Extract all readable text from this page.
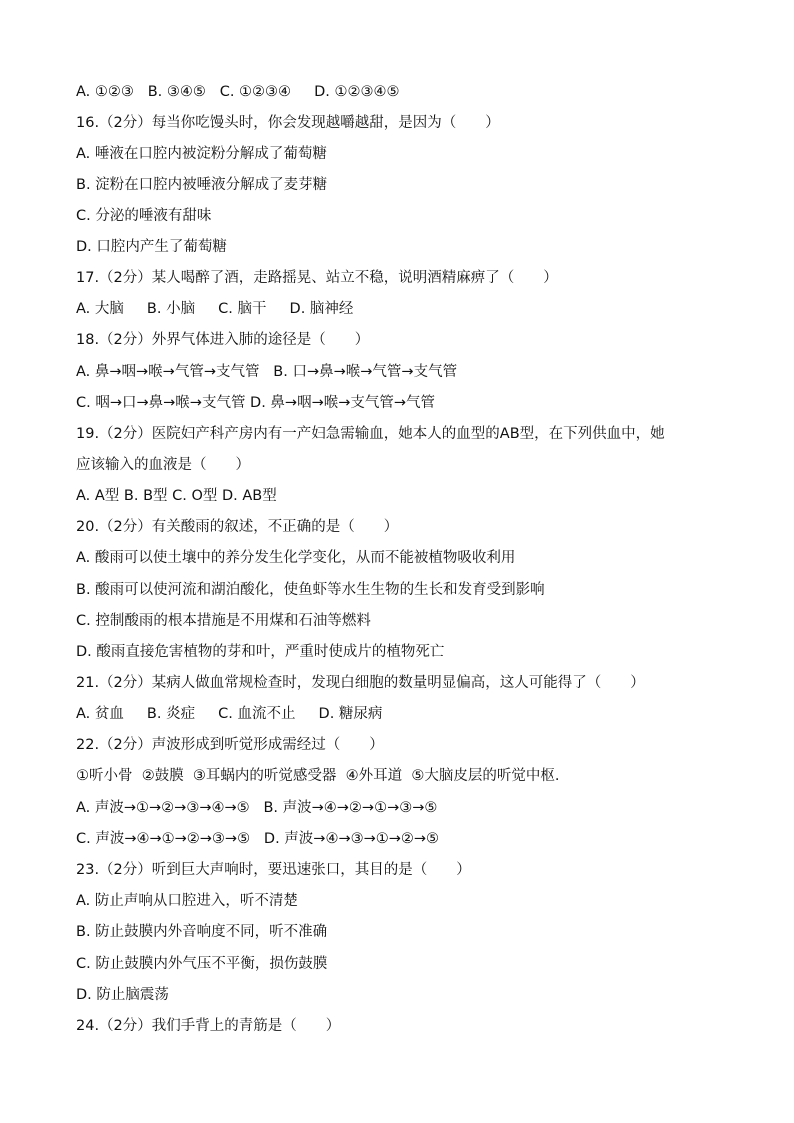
A. ①②③   B. ③④⑤   C. ①②③④     D. ①②③④⑤
16.（2分）每当你吃馒头时，你会发现越嚼越甜，是因为（　　）
A. 唾液在口腔内被淀粉分解成了葡萄糖
B. 淀粉在口腔内被唾液分解成了麦芽糖
C. 分泌的唾液有甜味
D. 口腔内产生了葡萄糖
17.（2分）某人喝醉了酒，走路摇晃、站立不稳，说明酒精麻痹了（　　）
A. 大脑     B. 小脑     C. 脑干     D. 脑神经
18.（2分）外界气体进入肺的途径是（　　）
A. 鼻→咽→喉→气管→支气管   B. 口→鼻→喉→气管→支气管
C. 咽→口→鼻→喉→支气管 D. 鼻→咽→喉→支气管→气管
19.（2分）医院妇产科产房内有一产妇急需输血，她本人的血型的AB型，在下列供血中，她
应该输入的血液是（　　）
A. A型 B. B型 C. O型 D. AB型
20.（2分）有关酸雨的叙述，不正确的是（　　）
A. 酸雨可以使土壤中的养分发生化学变化，从而不能被植物吸收利用
B. 酸雨可以使河流和湖泊酸化，使鱼虾等水生生物的生长和发育受到影响
C. 控制酸雨的根本措施是不用煤和石油等燃料
D. 酸雨直接危害植物的芽和叶，严重时使成片的植物死亡
21.（2分）某病人做血常规检查时，发现白细胞的数量明显偏高，这人可能得了（　　）
A. 贫血     B. 炎症     C. 血流不止     D. 糖尿病
22.（2分）声波形成到听觉形成需经过（　　）
①听小骨  ②鼓膜  ③耳蜗内的听觉感受器  ④外耳道  ⑤大脑皮层的听觉中枢.
A. 声波→①→②→③→④→⑤   B. 声波→④→②→①→③→⑤
C. 声波→④→①→②→③→⑤   D. 声波→④→③→①→②→⑤
23.（2分）听到巨大声响时，要迅速张口，其目的是（　　）
A. 防止声响从口腔进入，听不清楚
B. 防止鼓膜内外音响度不同，听不准确
C. 防止鼓膜内外气压不平衡，损伤鼓膜
D. 防止脑震荡
24.（2分）我们手背上的青筋是（　　）
